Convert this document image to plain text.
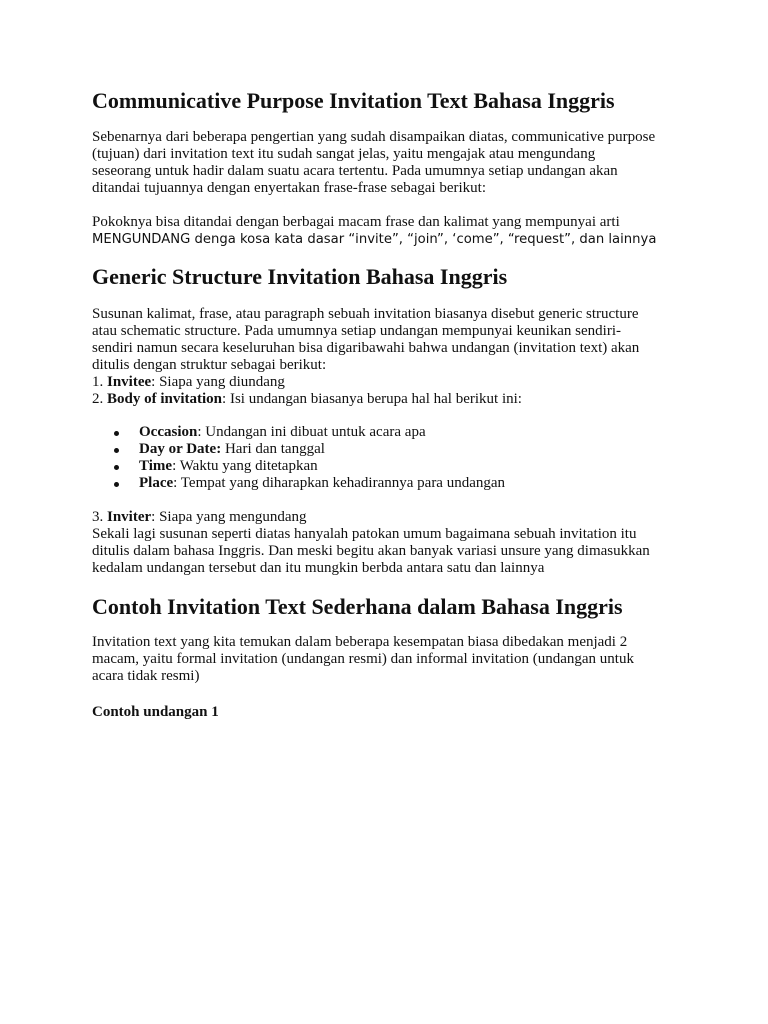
Communicative Purpose Invitation Text Bahasa Inggris

Sebenarnya dari beberapa pengertian yang sudah disampaikan diatas, communicative purpose
(tujuan) dari invitation text itu sudah sangat jelas, yaitu mengajak atau mengundang
seseorang untuk hadir dalam suatu acara tertentu. Pada umumnya setiap undangan akan
ditandai tujuannya dengan enyertakan frase-frase sebagai berikut:

Pokoknya bisa ditandai dengan berbagai macam frase dan kalimat yang mempunyai arti
MENGUNDANG denga kosa kata dasar “invite”, “join”, ‘come”, “request”, dan lainnya

Generic Structure Invitation Bahasa Inggris

Susunan kalimat, frase, atau paragraph sebuah invitation biasanya disebut generic structure
atau schematic structure. Pada umumnya setiap undangan mempunyai keunikan sendiri-
sendiri namun secara keseluruhan bisa digaribawahi bahwa undangan (invitation text) akan
ditulis dengan struktur sebagai berikut:
1. Invitee: Siapa yang diundang
2. Body of invitation: Isi undangan biasanya berupa hal hal berikut ini:

Occasion: Undangan ini dibuat untuk acara apa
Day or Date: Hari dan tanggal
Time: Waktu yang ditetapkan
Place: Tempat yang diharapkan kehadirannya para undangan

3. Inviter: Siapa yang mengundang
Sekali lagi susunan seperti diatas hanyalah patokan umum bagaimana sebuah invitation itu
ditulis dalam bahasa Inggris. Dan meski begitu akan banyak variasi unsure yang dimasukkan
kedalam undangan tersebut dan itu mungkin berbda antara satu dan lainnya

Contoh Invitation Text Sederhana dalam Bahasa Inggris

Invitation text yang kita temukan dalam beberapa kesempatan biasa dibedakan menjadi 2
macam, yaitu formal invitation (undangan resmi) dan informal invitation (undangan untuk
acara tidak resmi)

Contoh undangan 1
